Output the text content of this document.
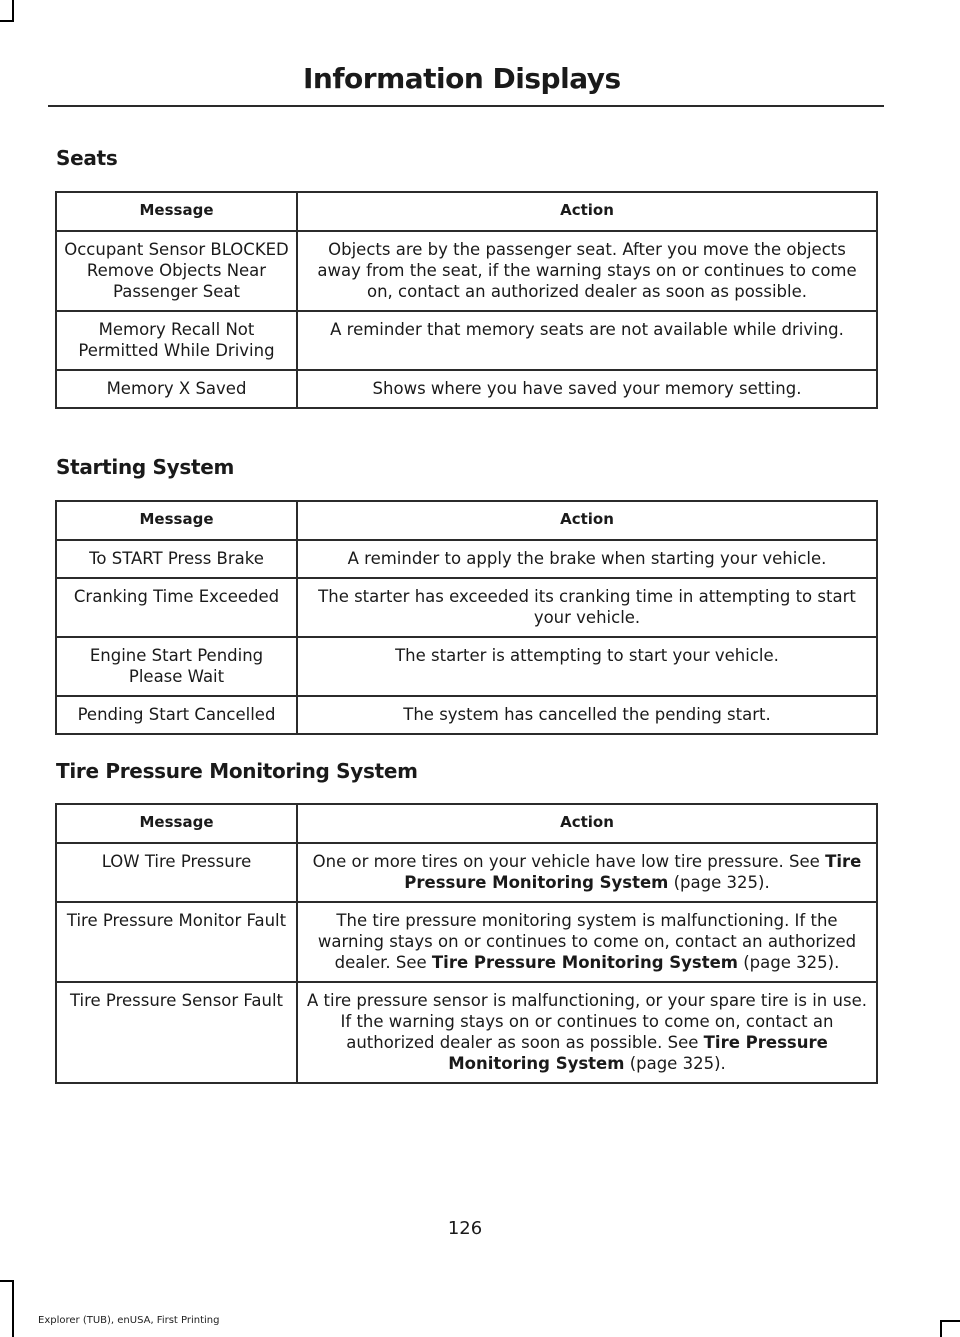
Information Displays
Seats
Message	Action
Occupant Sensor BLOCKED Remove Objects Near Passenger Seat	Objects are by the passenger seat. After you move the objects away from the seat, if the warning stays on or continues to come on, contact an authorized dealer as soon as possible.
Memory Recall Not Permitted While Driving	A reminder that memory seats are not available while driving.
Memory X Saved	Shows where you have saved your memory setting.
Starting System
Message	Action
To START Press Brake	A reminder to apply the brake when starting your vehicle.
Cranking Time Exceeded	The starter has exceeded its cranking time in attempting to start your vehicle.
Engine Start Pending Please Wait	The starter is attempting to start your vehicle.
Pending Start Cancelled	The system has cancelled the pending start.
Tire Pressure Monitoring System
Message	Action
LOW Tire Pressure	One or more tires on your vehicle have low tire pressure. See Tire Pressure Monitoring System (page 325).
Tire Pressure Monitor Fault	The tire pressure monitoring system is malfunctioning. If the warning stays on or continues to come on, contact an authorized dealer. See Tire Pressure Monitoring System (page 325).
Tire Pressure Sensor Fault	A tire pressure sensor is malfunctioning, or your spare tire is in use. If the warning stays on or continues to come on, contact an authorized dealer as soon as possible. See Tire Pressure Monitoring System (page 325).
126
Explorer (TUB), enUSA, First Printing
